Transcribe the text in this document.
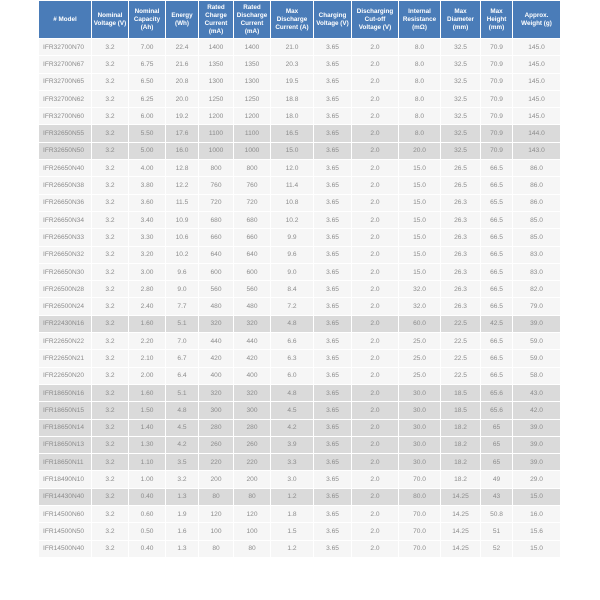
# Model	Nominal Voltage (V)	Nominal Capacity (Ah)	Energy (Wh)	Rated Charge Current (mA)	Rated Discharge Current (mA)	Max Discharge Current (A)	Charging Voltage (V)	Discharging Cut-off Voltage (V)	Internal Resistance (mΩ)	Max Diameter (mm)	Max Height (mm)	Approx. Weight (g)
IFR32700N70	3.2	7.00	22.4	1400	1400	21.0	3.65	2.0	8.0	32.5	70.9	145.0
IFR32700N67	3.2	6.75	21.6	1350	1350	20.3	3.65	2.0	8.0	32.5	70.9	145.0
IFR32700N65	3.2	6.50	20.8	1300	1300	19.5	3.65	2.0	8.0	32.5	70.9	145.0
IFR32700N62	3.2	6.25	20.0	1250	1250	18.8	3.65	2.0	8.0	32.5	70.9	145.0
IFR32700N60	3.2	6.00	19.2	1200	1200	18.0	3.65	2.0	8.0	32.5	70.9	145.0
IFR32650N55	3.2	5.50	17.6	1100	1100	16.5	3.65	2.0	8.0	32.5	70.9	144.0
IFR32650N50	3.2	5.00	16.0	1000	1000	15.0	3.65	2.0	20.0	32.5	70.9	143.0
IFR26650N40	3.2	4.00	12.8	800	800	12.0	3.65	2.0	15.0	26.5	66.5	86.0
IFR26650N38	3.2	3.80	12.2	760	760	11.4	3.65	2.0	15.0	26.5	66.5	86.0
IFR26650N36	3.2	3.60	11.5	720	720	10.8	3.65	2.0	15.0	26.3	65.5	86.0
IFR26650N34	3.2	3.40	10.9	680	680	10.2	3.65	2.0	15.0	26.3	66.5	85.0
IFR26650N33	3.2	3.30	10.6	660	660	9.9	3.65	2.0	15.0	26.3	66.5	85.0
IFR26650N32	3.2	3.20	10.2	640	640	9.6	3.65	2.0	15.0	26.3	66.5	83.0
IFR26650N30	3.2	3.00	9.6	600	600	9.0	3.65	2.0	15.0	26.3	66.5	83.0
IFR26500N28	3.2	2.80	9.0	560	560	8.4	3.65	2.0	32.0	26.3	66.5	82.0
IFR26500N24	3.2	2.40	7.7	480	480	7.2	3.65	2.0	32.0	26.3	66.5	79.0
IFR22430N16	3.2	1.60	5.1	320	320	4.8	3.65	2.0	60.0	22.5	42.5	39.0
IFR22650N22	3.2	2.20	7.0	440	440	6.6	3.65	2.0	25.0	22.5	66.5	59.0
IFR22650N21	3.2	2.10	6.7	420	420	6.3	3.65	2.0	25.0	22.5	66.5	59.0
IFR22650N20	3.2	2.00	6.4	400	400	6.0	3.65	2.0	25.0	22.5	66.5	58.0
IFR18650N16	3.2	1.60	5.1	320	320	4.8	3.65	2.0	30.0	18.5	65.6	43.0
IFR18650N15	3.2	1.50	4.8	300	300	4.5	3.65	2.0	30.0	18.5	65.6	42.0
IFR18650N14	3.2	1.40	4.5	280	280	4.2	3.65	2.0	30.0	18.2	65	39.0
IFR18650N13	3.2	1.30	4.2	260	260	3.9	3.65	2.0	30.0	18.2	65	39.0
IFR18650N11	3.2	1.10	3.5	220	220	3.3	3.65	2.0	30.0	18.2	65	39.0
IFR18490N10	3.2	1.00	3.2	200	200	3.0	3.65	2.0	70.0	18.2	49	29.0
IFR14430N40	3.2	0.40	1.3	80	80	1.2	3.65	2.0	80.0	14.25	43	15.0
IFR14500N60	3.2	0.60	1.9	120	120	1.8	3.65	2.0	70.0	14.25	50.8	16.0
IFR14500N50	3.2	0.50	1.6	100	100	1.5	3.65	2.0	70.0	14.25	51	15.6
IFR14500N40	3.2	0.40	1.3	80	80	1.2	3.65	2.0	70.0	14.25	52	15.0
